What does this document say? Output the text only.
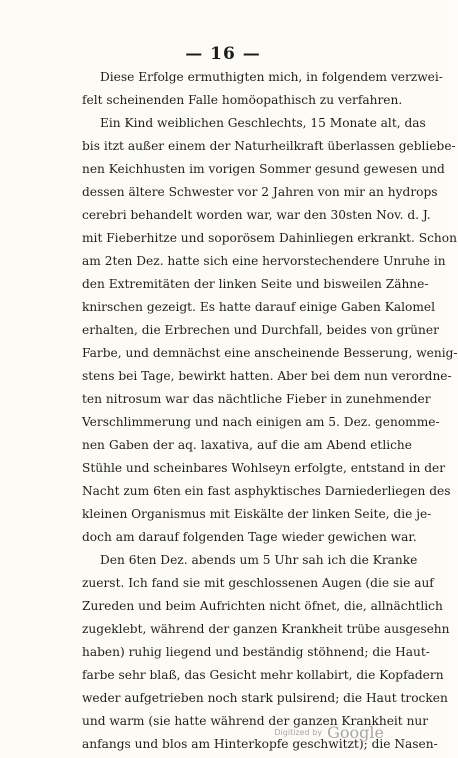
— 16 —
Diese Erfolge ermuthigten mich, in folgendem verzwei-
felt scheinenden Falle homöopathisch zu verfahren.
Ein Kind weiblichen Geschlechts, 15 Monate alt, das
bis itzt außer einem der Naturheilkraft überlassen gebliebe-
nen Keichhusten im vorigen Sommer gesund gewesen und
dessen ältere Schwester vor 2 Jahren von mir an hydrops
cerebri behandelt worden war, war den 30sten Nov. d. J.
mit Fieberhitze und soporösem Dahinliegen erkrankt. Schon
am 2ten Dez. hatte sich eine hervorstechendere Unruhe in
den Extremitäten der linken Seite und bisweilen Zähne-
knirschen gezeigt. Es hatte darauf einige Gaben Kalomel
erhalten, die Erbrechen und Durchfall, beides von grüner
Farbe, und demnächst eine anscheinende Besserung, wenig-
stens bei Tage, bewirkt hatten. Aber bei dem nun verordne-
ten nitrosum war das nächtliche Fieber in zunehmender
Verschlimmerung und nach einigen am 5. Dez. genomme-
nen Gaben der aq. laxativa, auf die am Abend etliche
Stühle und scheinbares Wohlseyn erfolgte, entstand in der
Nacht zum 6ten ein fast asphyktisches Darniederliegen des
kleinen Organismus mit Eiskälte der linken Seite, die je-
doch am darauf folgenden Tage wieder gewichen war.
Den 6ten Dez. abends um 5 Uhr sah ich die Kranke
zuerst. Ich fand sie mit geschlossenen Augen (die sie auf
Zureden und beim Aufrichten nicht öfnet, die, allnächtlich
zugeklebt, während der ganzen Krankheit trübe ausgesehn
haben) ruhig liegend und beständig stöhnend; die Haut-
farbe sehr blaß, das Gesicht mehr kollabirt, die Kopfadern
weder aufgetrieben noch stark pulsirend; die Haut trocken
und warm (sie hatte während der ganzen Krankheit nur
anfangs und blos am Hinterkopfe geschwitzt); die Nasen-
Digitized by Google
